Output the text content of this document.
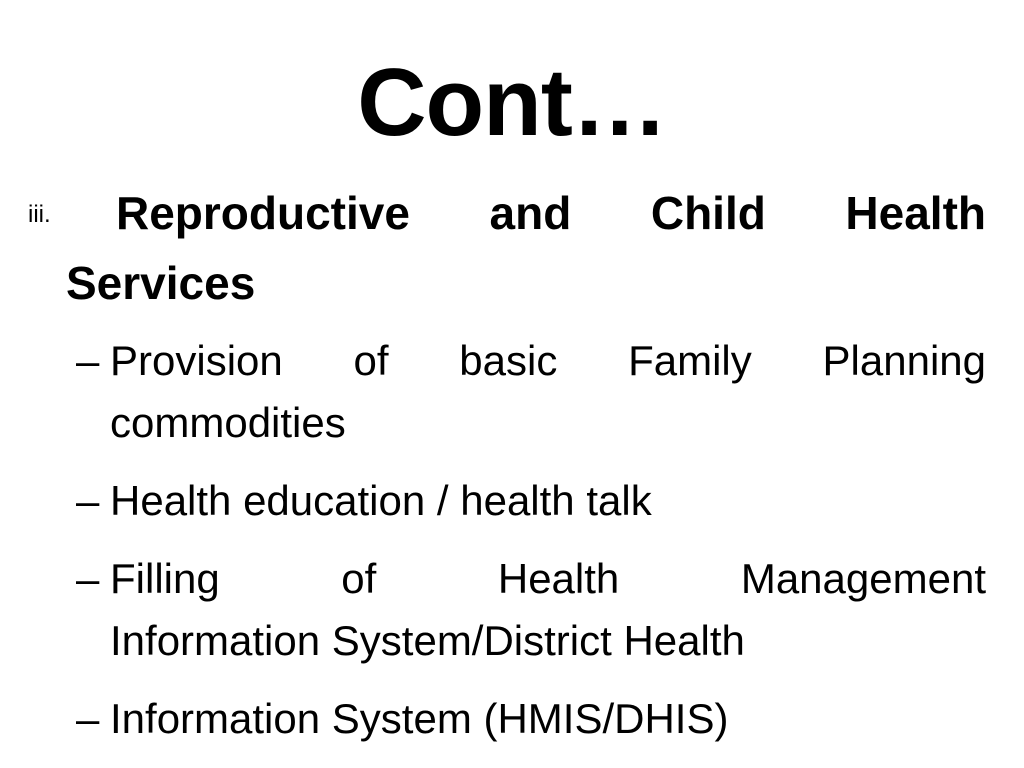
Cont…
iii.	Reproductive and Child Health
Services
– Provision of basic Family Planning
commodities
– Health education / health talk
– Filling of Health Management
Information System/District Health
– Information System (HMIS/DHIS)
